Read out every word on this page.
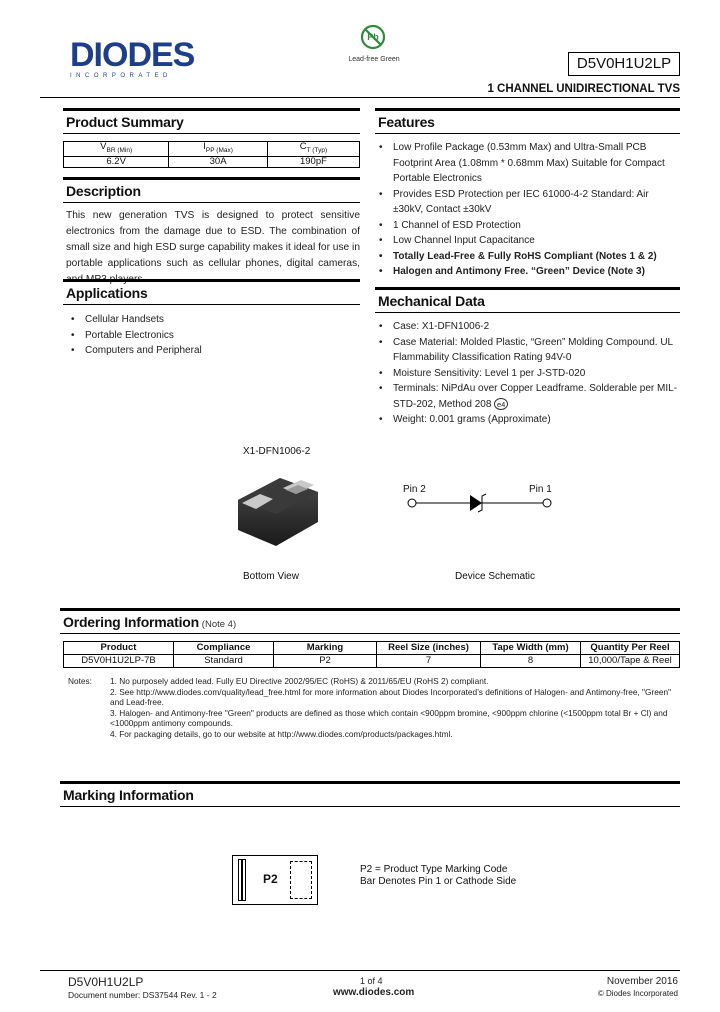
DIODES
INCORPORATED
Pb
Lead-free Green	D5V0H1U2LP
1 CHANNEL UNIDIRECTIONAL TVS
Product Summary
$V_{BR (Min)}$	$I_{PP (Max)}$	$C_{T (Typ)}$
6.2V	30A	190pF
Description
This new generation TVS is designed to protect sensitive electronics from the damage due to ESD. The combination of small size and high ESD surge capability makes it ideal for use in portable applications such as cellular phones, digital cameras, and MP3 players.
Applications
• Cellular Handsets
• Portable Electronics
• Computers and Peripheral
Features
• Low Profile Package (0.53mm Max) and Ultra-Small PCB Footprint Area (1.08mm * 0.68mm Max) Suitable for Compact Portable Electronics
• Provides ESD Protection per IEC 61000-4-2 Standard: Air ±30kV, Contact ±30kV
• 1 Channel of ESD Protection
• Low Channel Input Capacitance
• Totally Lead-Free & Fully RoHS Compliant (Notes 1 & 2)
• Halogen and Antimony Free. “Green” Device (Note 3)
Mechanical Data
• Case: X1-DFN1006-2
• Case Material: Molded Plastic, “Green” Molding Compound. UL Flammability Classification Rating 94V-0
• Moisture Sensitivity: Level 1 per J-STD-020
• Terminals: NiPdAu over Copper Leadframe. Solderable per MIL-STD-202, Method 208 e4
• Weight: 0.001 grams (Approximate)
X1-DFN1006-2
Bottom View
Pin 2	Pin 1
Device Schematic
Ordering Information (Note 4)
Product	Compliance	Marking	Reel Size (inches)	Tape Width (mm)	Quantity Per Reel
D5V0H1U2LP-7B	Standard	P2	7	8	10,000/Tape & Reel
Notes: 1. No purposely added lead. Fully EU Directive 2002/95/EC (RoHS) & 2011/65/EU (RoHS 2) compliant.
2. See http://www.diodes.com/quality/lead_free.html for more information about Diodes Incorporated’s definitions of Halogen- and Antimony-free, "Green" and Lead-free.
3. Halogen- and Antimony-free "Green" products are defined as those which contain <900ppm bromine, <900ppm chlorine (<1500ppm total Br + Cl) and <1000ppm antimony compounds.
4. For packaging details, go to our website at http://www.diodes.com/products/packages.html.
Marking Information
P2
P2 = Product Type Marking Code
Bar Denotes Pin 1 or Cathode Side
D5V0H1U2LP
Document number: DS37544 Rev. 1 - 2
1 of 4
www.diodes.com
November 2016
© Diodes Incorporated
